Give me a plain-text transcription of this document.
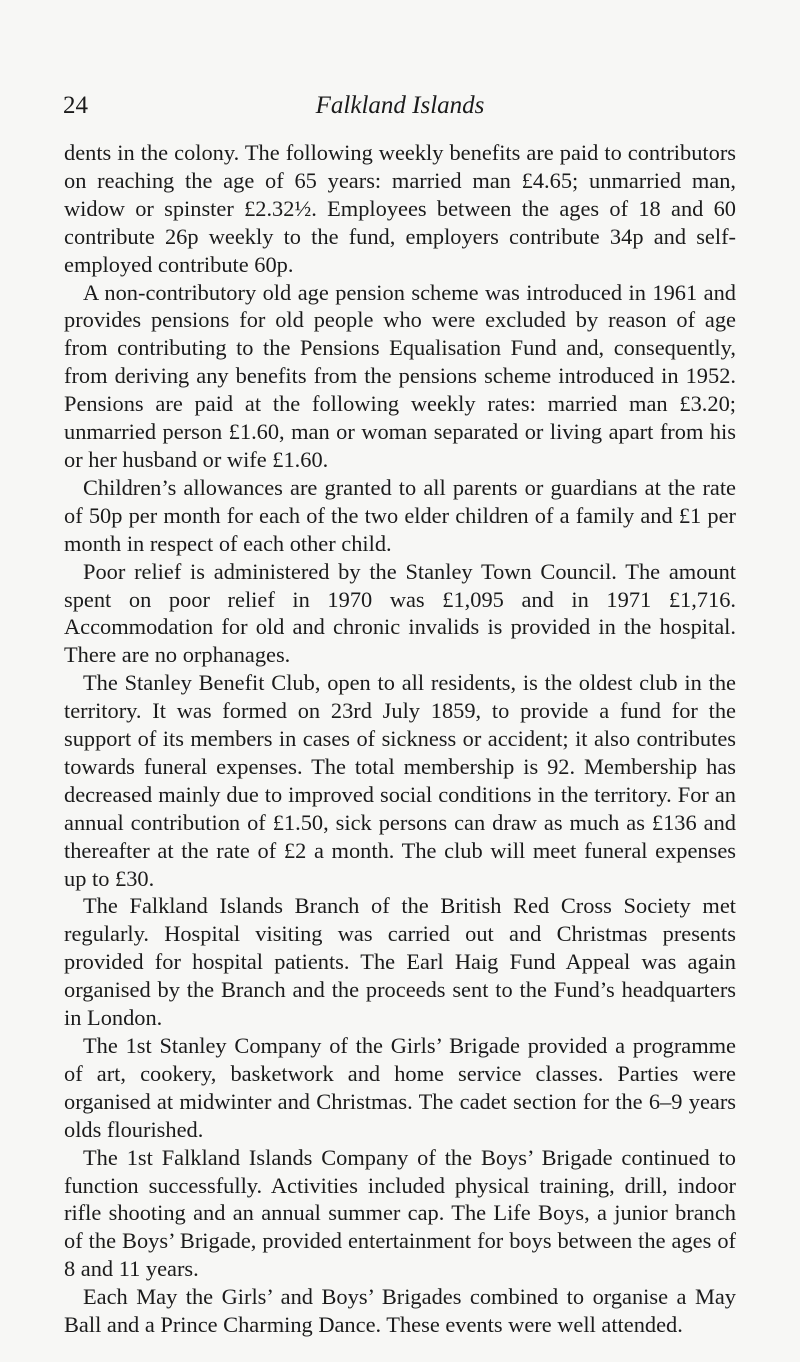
24	Falkland Islands

dents in the colony. The following weekly benefits are paid to contributors on reaching the age of 65 years: married man £4.65; unmarried man, widow or spinster £2.32½. Employees between the ages of 18 and 60 contribute 26p weekly to the fund, employers contribute 34p and self-employed contribute 60p.

A non-contributory old age pension scheme was introduced in 1961 and provides pensions for old people who were excluded by reason of age from contributing to the Pensions Equalisation Fund and, consequently, from deriving any benefits from the pensions scheme introduced in 1952. Pensions are paid at the following weekly rates: married man £3.20; unmarried person £1.60, man or woman separated or living apart from his or her husband or wife £1.60.

Children’s allowances are granted to all parents or guardians at the rate of 50p per month for each of the two elder children of a family and £1 per month in respect of each other child.

Poor relief is administered by the Stanley Town Council. The amount spent on poor relief in 1970 was £1,095 and in 1971 £1,716. Accommodation for old and chronic invalids is provided in the hospital. There are no orphanages.

The Stanley Benefit Club, open to all residents, is the oldest club in the territory. It was formed on 23rd July 1859, to provide a fund for the support of its members in cases of sickness or accident; it also contributes towards funeral expenses. The total membership is 92. Membership has decreased mainly due to improved social conditions in the territory. For an annual contribution of £1.50, sick persons can draw as much as £136 and thereafter at the rate of £2 a month. The club will meet funeral expenses up to £30.

The Falkland Islands Branch of the British Red Cross Society met regularly. Hospital visiting was carried out and Christmas presents provided for hospital patients. The Earl Haig Fund Appeal was again organised by the Branch and the proceeds sent to the Fund’s headquarters in London.

The 1st Stanley Company of the Girls’ Brigade provided a programme of art, cookery, basketwork and home service classes. Parties were organised at midwinter and Christmas. The cadet section for the 6–9 years olds flourished.

The 1st Falkland Islands Company of the Boys’ Brigade continued to function successfully. Activities included physical training, drill, indoor rifle shooting and an annual summer cap. The Life Boys, a junior branch of the Boys’ Brigade, provided entertainment for boys between the ages of 8 and 11 years.

Each May the Girls’ and Boys’ Brigades combined to organise a May Ball and a Prince Charming Dance. These events were well attended.
